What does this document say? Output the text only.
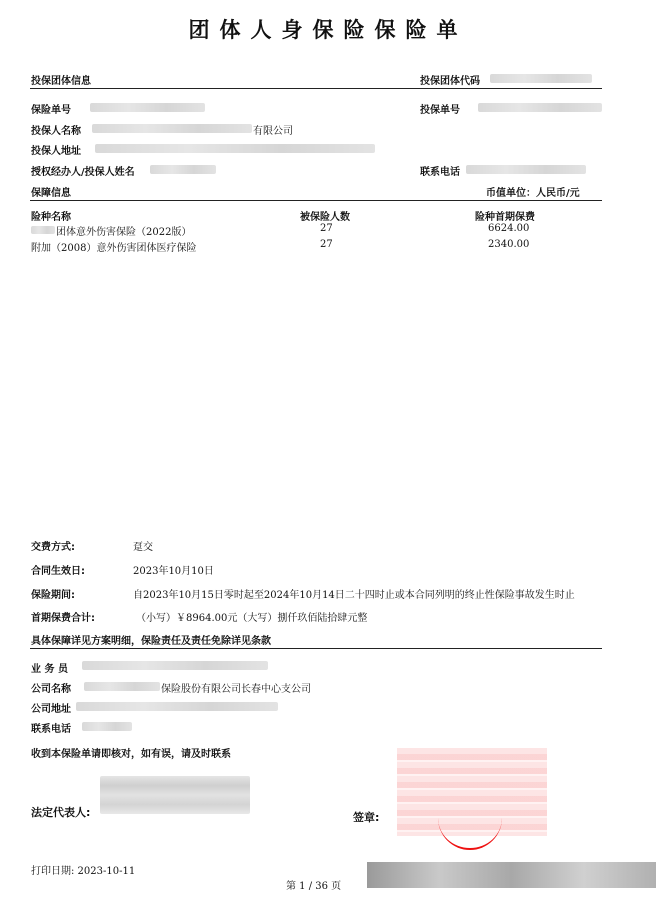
团体人身保险保险单
投保团体信息	投保团体代码
保险单号	投保单号
投保人名称	有限公司
投保人地址
授权经办人/投保人姓名	联系电话
保障信息	币值单位：人民币/元
险种名称	被保险人数	险种首期保费
团体意外伤害保险（2022版）	27	6624.00
附加（2008）意外伤害团体医疗保险	27	2340.00
交费方式:	趸交
合同生效日:	2023年10月10日
保险期间:	自2023年10月15日零时起至2024年10月14日二十四时止或本合同列明的终止性保险事故发生时止
首期保费合计:	（小写）￥8964.00元（大写）捌仟玖佰陆拾肆元整
具体保障详见方案明细，保险责任及责任免除详见条款
业 务 员
公司名称	保险股份有限公司长春中心支公司
公司地址
联系电话
收到本保险单请即核对，如有误，请及时联系
法定代表人:	签章:
打印日期: 2023-10-11
第 1 / 36 页
